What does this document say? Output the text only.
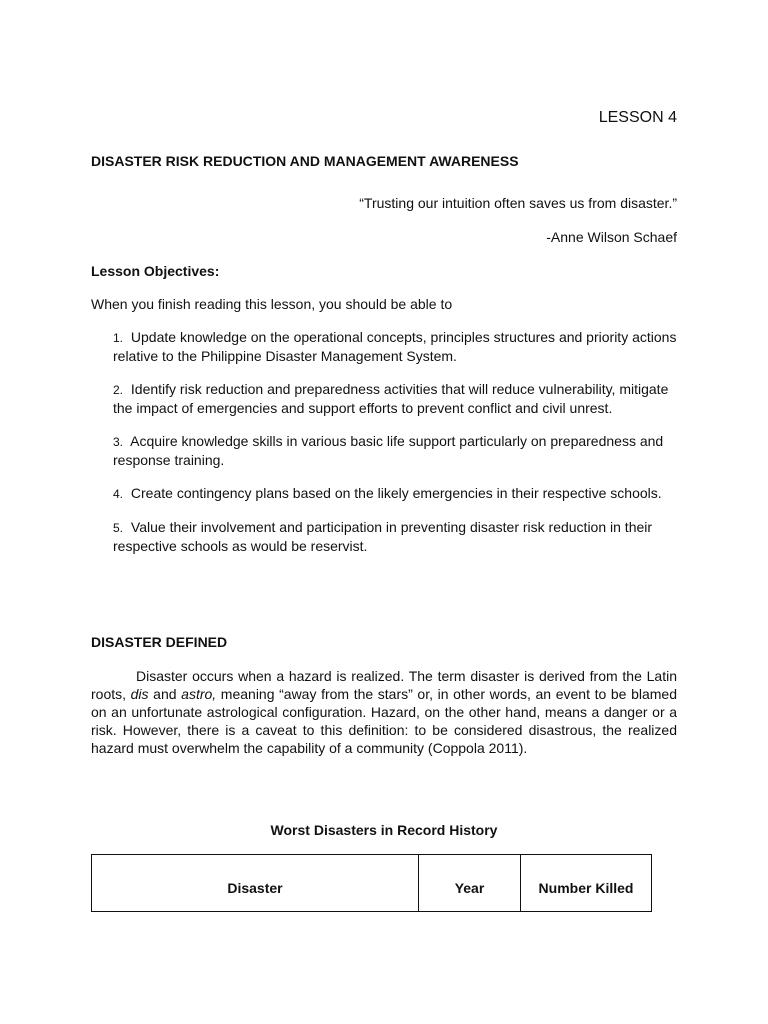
LESSON 4
DISASTER RISK REDUCTION AND MANAGEMENT AWARENESS
“Trusting our intuition often saves us from disaster.”
-Anne Wilson Schaef
Lesson Objectives:
When you finish reading this lesson, you should be able to
1. Update knowledge on the operational concepts, principles structures and priority actions relative to the Philippine Disaster Management System.
2. Identify risk reduction and preparedness activities that will reduce vulnerability, mitigate the impact of emergencies and support efforts to prevent conflict and civil unrest.
3. Acquire knowledge skills in various basic life support particularly on preparedness and response training.
4. Create contingency plans based on the likely emergencies in their respective schools.
5. Value their involvement and participation in preventing disaster risk reduction in their respective schools as would be reservist.
DISASTER DEFINED

Disaster occurs when a hazard is realized. The term disaster is derived from the Latin roots, dis and astro, meaning “away from the stars” or, in other words, an event to be blamed on an unfortunate astrological configuration. Hazard, on the other hand, means a danger or a risk. However, there is a caveat to this definition: to be considered disastrous, the realized hazard must overwhelm the capability of a community (Coppola 2011).

Worst Disasters in Record History
Disaster	Year	Number Killed
